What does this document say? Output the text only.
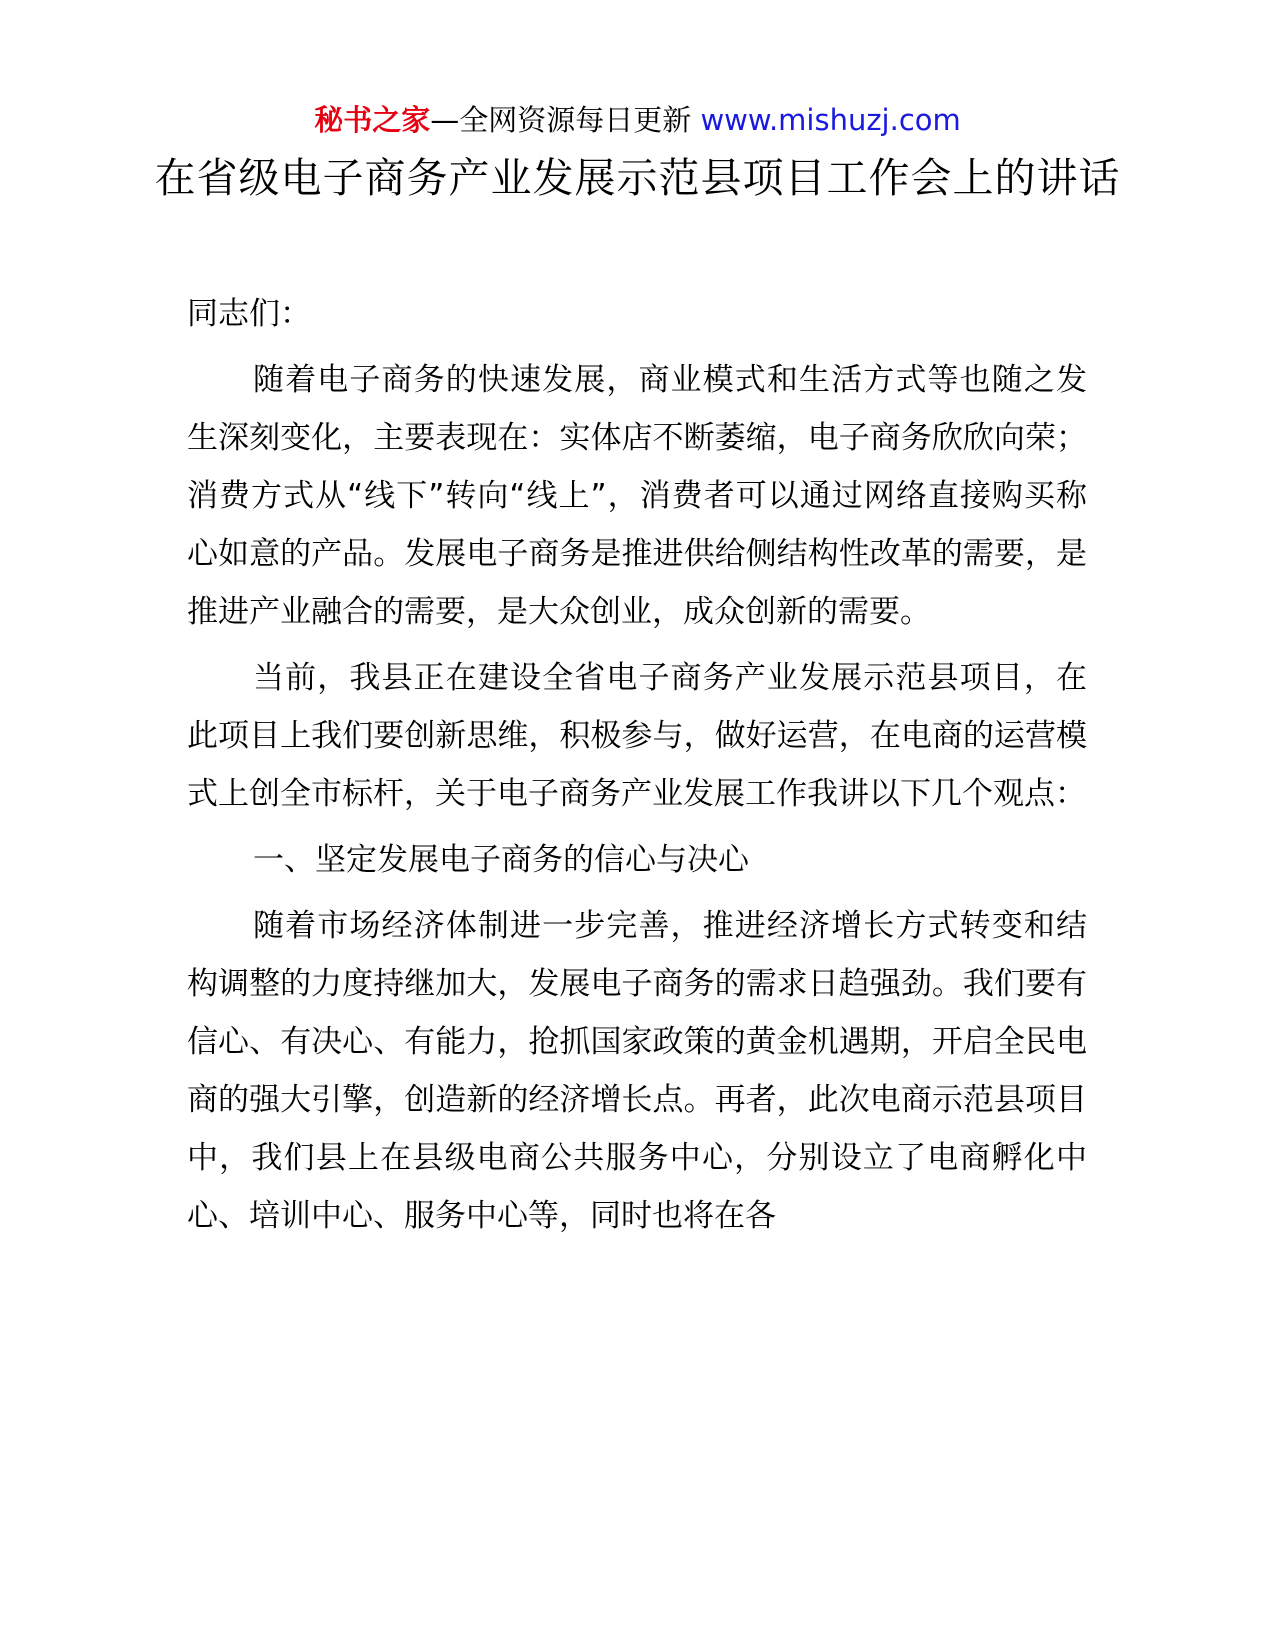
秘书之家—全网资源每日更新 www.mishuzj.com
在省级电子商务产业发展示范县项目工作会上的讲话

同志们：

随着电子商务的快速发展，商业模式和生活方式等也随之发生深刻变化，主要表现在：实体店不断萎缩，电子商务欣欣向荣；消费方式从“线下”转向“线上”，消费者可以通过网络直接购买称心如意的产品。发展电子商务是推进供给侧结构性改革的需要，是推进产业融合的需要，是大众创业，成众创新的需要。

当前，我县正在建设全省电子商务产业发展示范县项目，在此项目上我们要创新思维，积极参与，做好运营，在电商的运营模式上创全市标杆，关于电子商务产业发展工作我讲以下几个观点：

一、坚定发展电子商务的信心与决心

随着市场经济体制进一步完善，推进经济增长方式转变和结构调整的力度持继加大，发展电子商务的需求日趋强劲。我们要有信心、有决心、有能力，抢抓国家政策的黄金机遇期，开启全民电商的强大引擎，创造新的经济增长点。再者，此次电商示范县项目中，我们县上在县级电商公共服务中心，分别设立了电商孵化中心、培训中心、服务中心等，同时也将在各
